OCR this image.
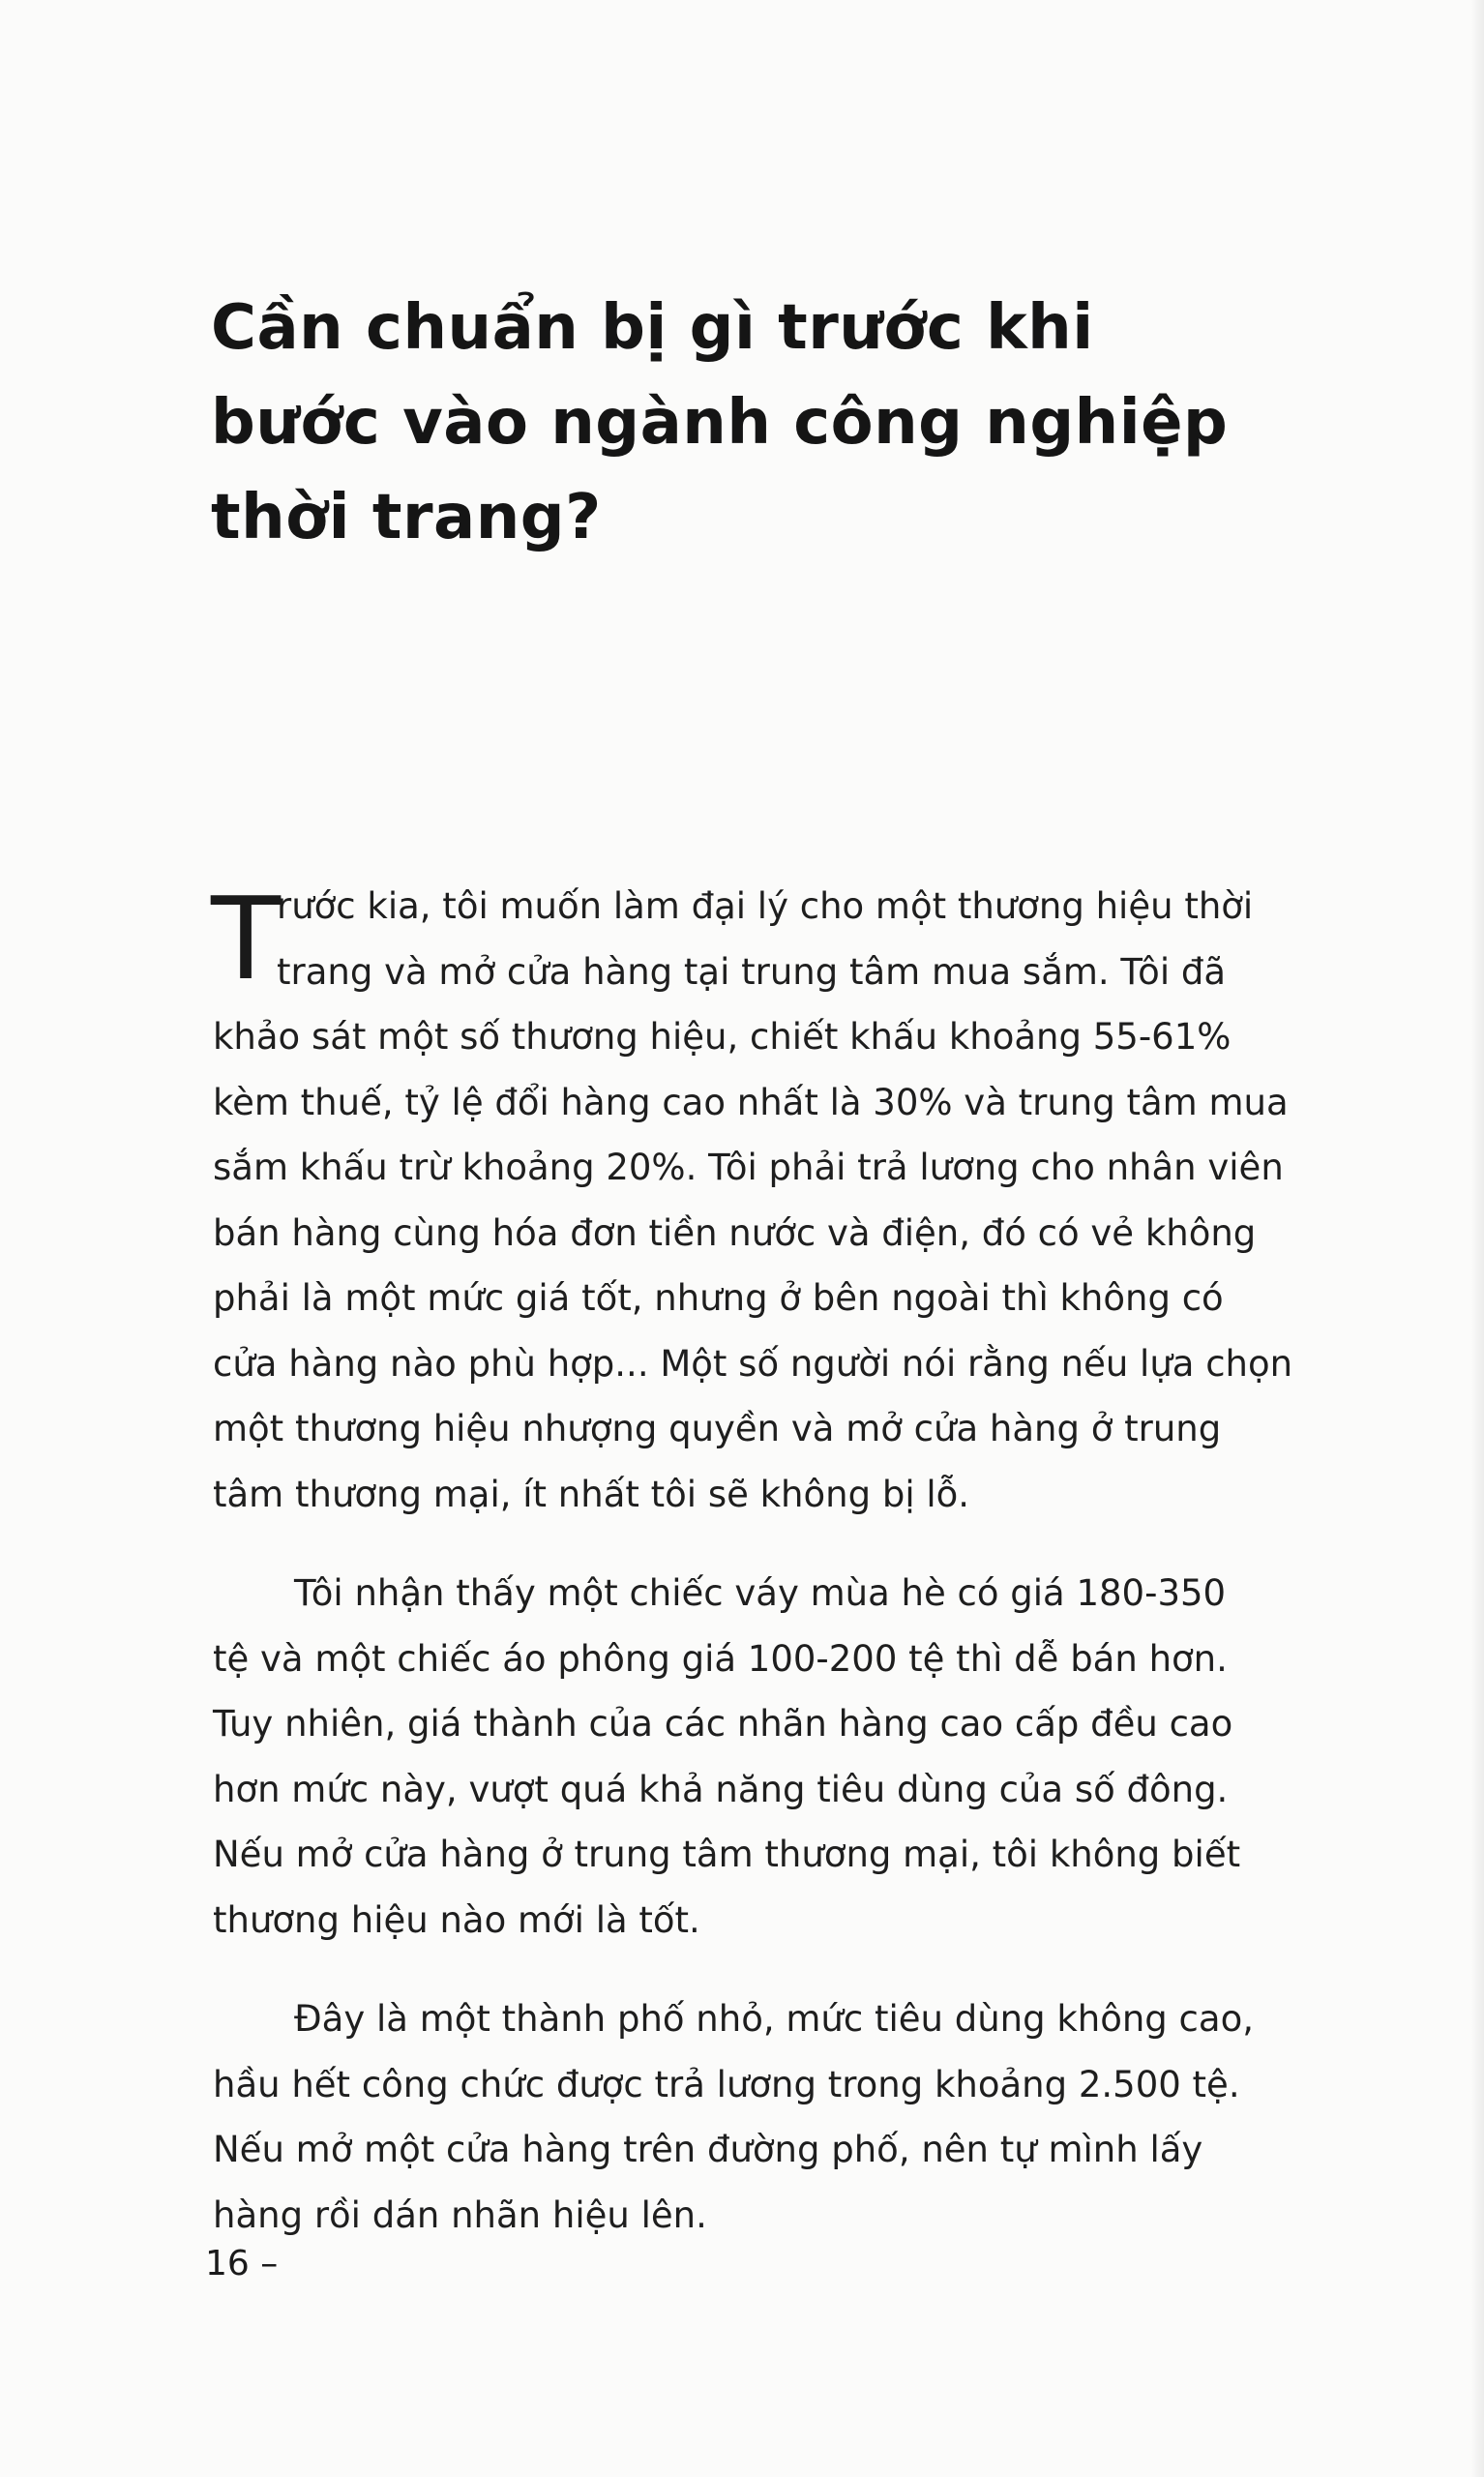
Cần chuẩn bị gì trước khi
bước vào ngành công nghiệp
thời trang?

T
rước kia, tôi muốn làm đại lý cho một thương hiệu thời
trang và mở cửa hàng tại trung tâm mua sắm. Tôi đã
khảo sát một số thương hiệu, chiết khấu khoảng 55-61%
kèm thuế, tỷ lệ đổi hàng cao nhất là 30% và trung tâm mua
sắm khấu trừ khoảng 20%. Tôi phải trả lương cho nhân viên
bán hàng cùng hóa đơn tiền nước và điện, đó có vẻ không
phải là một mức giá tốt, nhưng ở bên ngoài thì không có
cửa hàng nào phù hợp... Một số người nói rằng nếu lựa chọn
một thương hiệu nhượng quyền và mở cửa hàng ở trung
tâm thương mại, ít nhất tôi sẽ không bị lỗ.

Tôi nhận thấy một chiếc váy mùa hè có giá 180-350
tệ và một chiếc áo phông giá 100-200 tệ thì dễ bán hơn.
Tuy nhiên, giá thành của các nhãn hàng cao cấp đều cao
hơn mức này, vượt quá khả năng tiêu dùng của số đông.
Nếu mở cửa hàng ở trung tâm thương mại, tôi không biết
thương hiệu nào mới là tốt.

Đây là một thành phố nhỏ, mức tiêu dùng không cao,
hầu hết công chức được trả lương trong khoảng 2.500 tệ.
Nếu mở một cửa hàng trên đường phố, nên tự mình lấy
hàng rồi dán nhãn hiệu lên.

16 –
